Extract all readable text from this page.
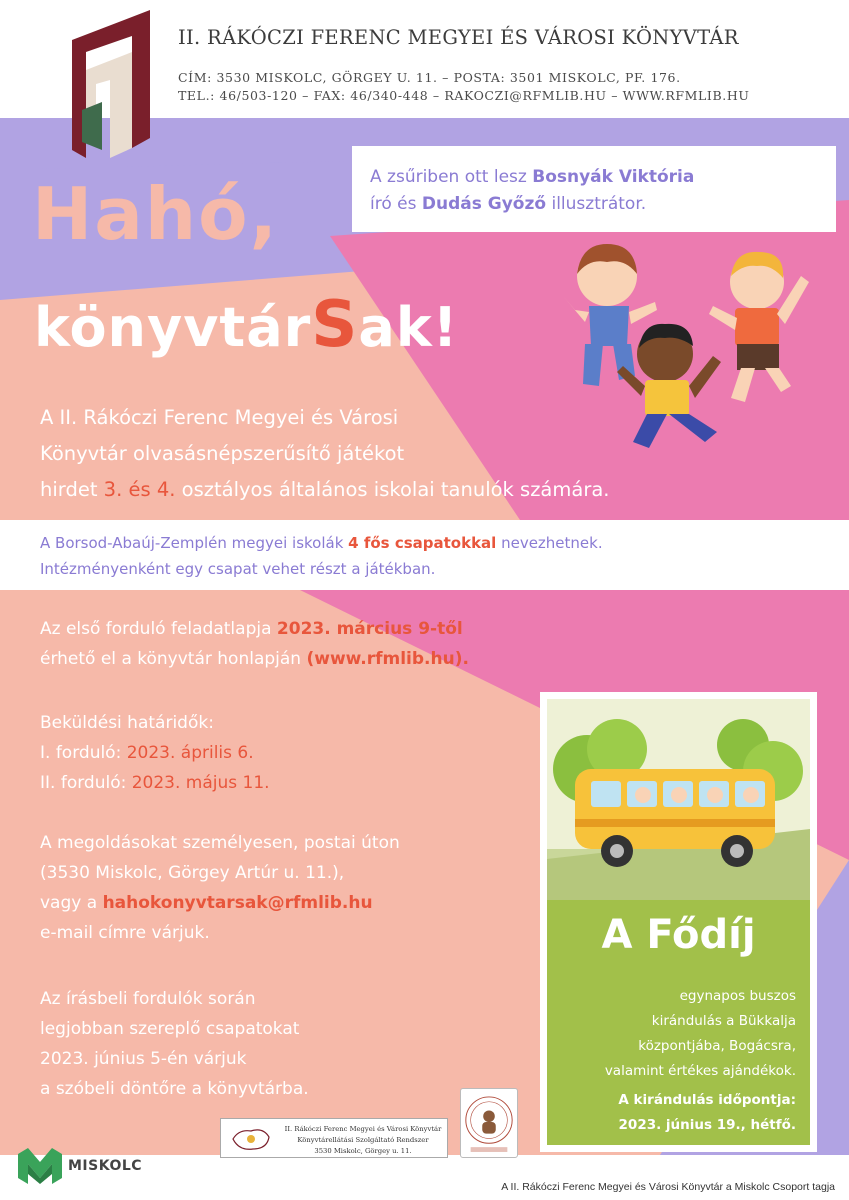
II. RÁKÓCZI FERENC MEGYEI ÉS VÁROSI KÖNYVTÁR
CÍM: 3530 MISKOLC, GÖRGEY U. 11. – POSTA: 3501 MISKOLC, PF. 176.
TEL.: 46/503-120 – FAX: 46/340-448 – RAKOCZI@RFMLIB.HU – WWW.RFMLIB.HU
A zsűriben ott lesz Bosnyák Viktória
író és Dudás Győző illusztrátor.
Hahó,
könyvtárSak!
A II. Rákóczi Ferenc Megyei és Városi
Könyvtár olvasásnépszerűsítő játékot
hirdet 3. és 4. osztályos általános iskolai tanulók számára.
A Borsod-Abaúj-Zemplén megyei iskolák 4 fős csapatokkal nevezhetnek.
Intézményenként egy csapat vehet részt a játékban.
Az első forduló feladatlapja 2023. március 9-től
érhető el a könyvtár honlapján (www.rfmlib.hu).
Beküldési határidők:
I. forduló: 2023. április 6.
II. forduló: 2023. május 11.
A megoldásokat személyesen, postai úton
(3530 Miskolc, Görgey Artúr u. 11.),
vagy a hahokonyvtarsak@rfmlib.hu
e-mail címre várjuk.
Az írásbeli fordulók során
legjobban szereplő csapatokat
2023. június 5-én várjuk
a szóbeli döntőre a könyvtárba.
A Fődíj
egynapos buszos
kirándulás a Bükkalja
központjába, Bogácsra,
valamint értékes ajándékok.
A kirándulás időpontja:
2023. június 19., hétfő.
II. Rákóczi Ferenc Megyei és Városi Könyvtár
Könyvtárellátási Szolgáltató Rendszer
3530 Miskolc, Görgey u. 11.
MISKOLC
A II. Rákóczi Ferenc Megyei és Városi Könyvtár a Miskolc Csoport tagja
